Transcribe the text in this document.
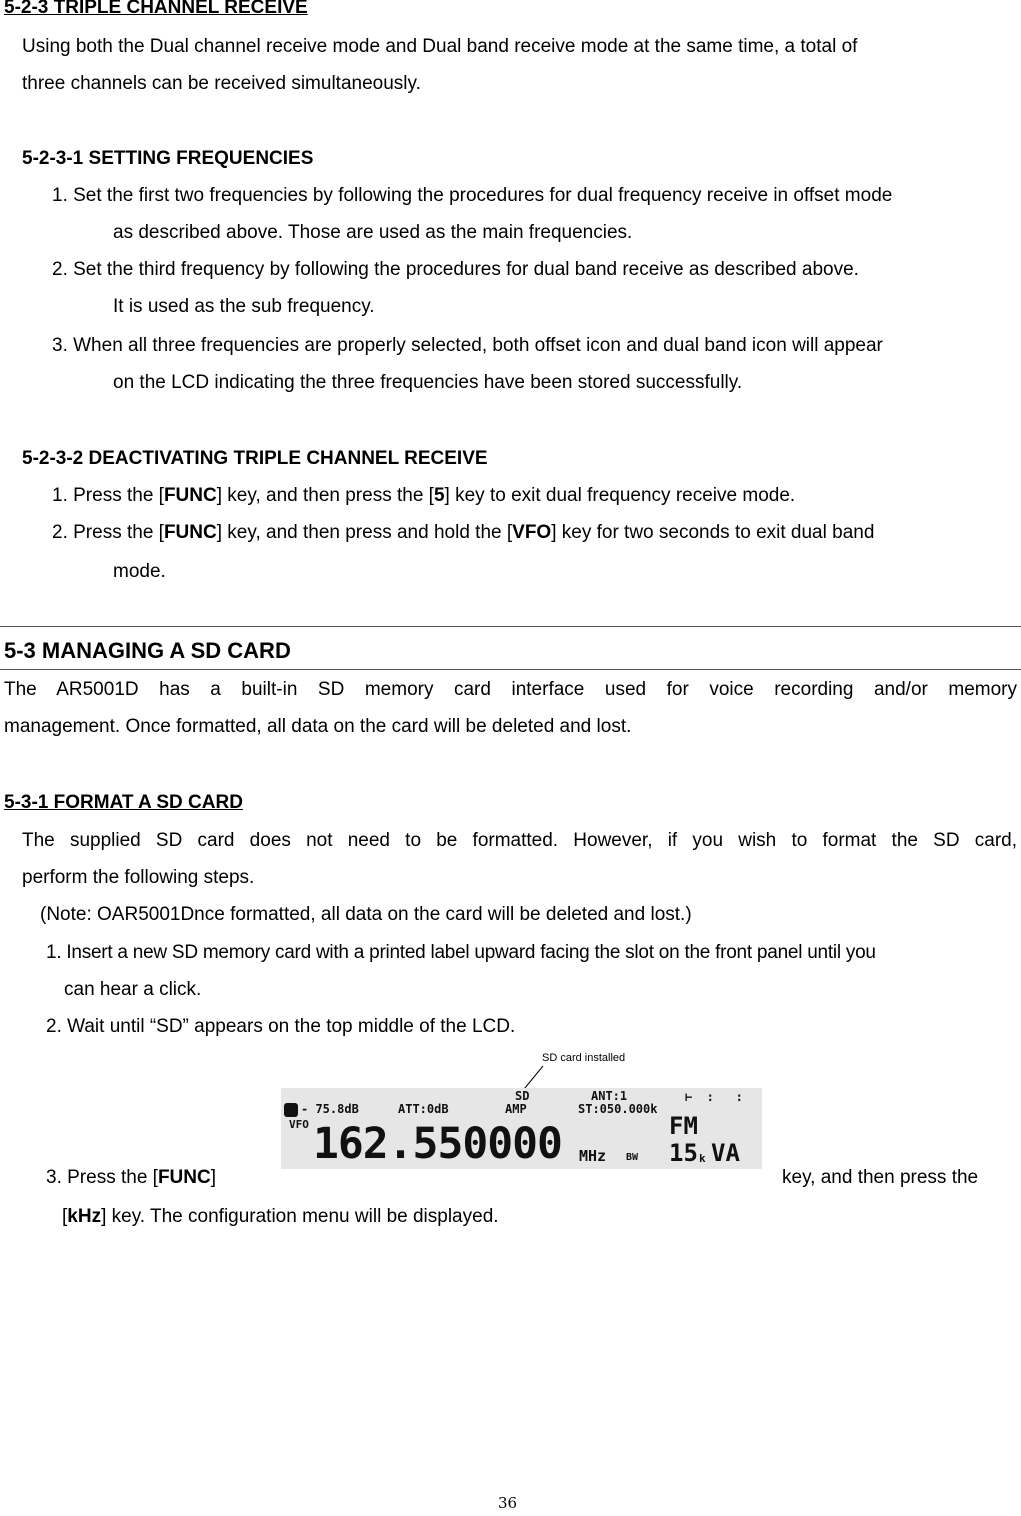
5-2-3 TRIPLE CHANNEL RECEIVE
Using both the Dual channel receive mode and Dual band receive mode at the same time, a total of
three channels can be received simultaneously.
5-2-3-1 SETTING FREQUENCIES
1. Set the first two frequencies by following the procedures for dual frequency receive in offset mode
as described above. Those are used as the main frequencies.
2. Set the third frequency by following the procedures for dual band receive as described above.
It is used as the sub frequency.
3. When all three frequencies are properly selected, both offset icon and dual band icon will appear
on the LCD indicating the three frequencies have been stored successfully.
5-2-3-2 DEACTIVATING TRIPLE CHANNEL RECEIVE
1. Press the [FUNC] key, and then press the [5] key to exit dual frequency receive mode.
2. Press the [FUNC] key, and then press and hold the [VFO] key for two seconds to exit dual band
mode.
5-3 MANAGING A SD CARD
The AR5001D has a built-in SD memory card interface used for voice recording and/or memory
management. Once formatted, all data on the card will be deleted and lost.
5-3-1 FORMAT A SD CARD
The supplied SD card does not need to be formatted. However, if you wish to format the SD card,
perform the following steps.
(Note: OAR5001Dnce formatted, all data on the card will be deleted and lost.)
1. Insert a new SD memory card with a printed label upward facing the slot on the front panel until you
can hear a click.
2. Wait until “SD” appears on the top middle of the LCD.
SD card installed
- 75.8dB	ATT:0dB
SD
AMP
ANT:1
ST:050.000k
⊢  :   :
VFO 162.550000 MHz BW
FM
15 k VA
3. Press the [FUNC]	key, and then press the
[kHz] key. The configuration menu will be displayed.
36
